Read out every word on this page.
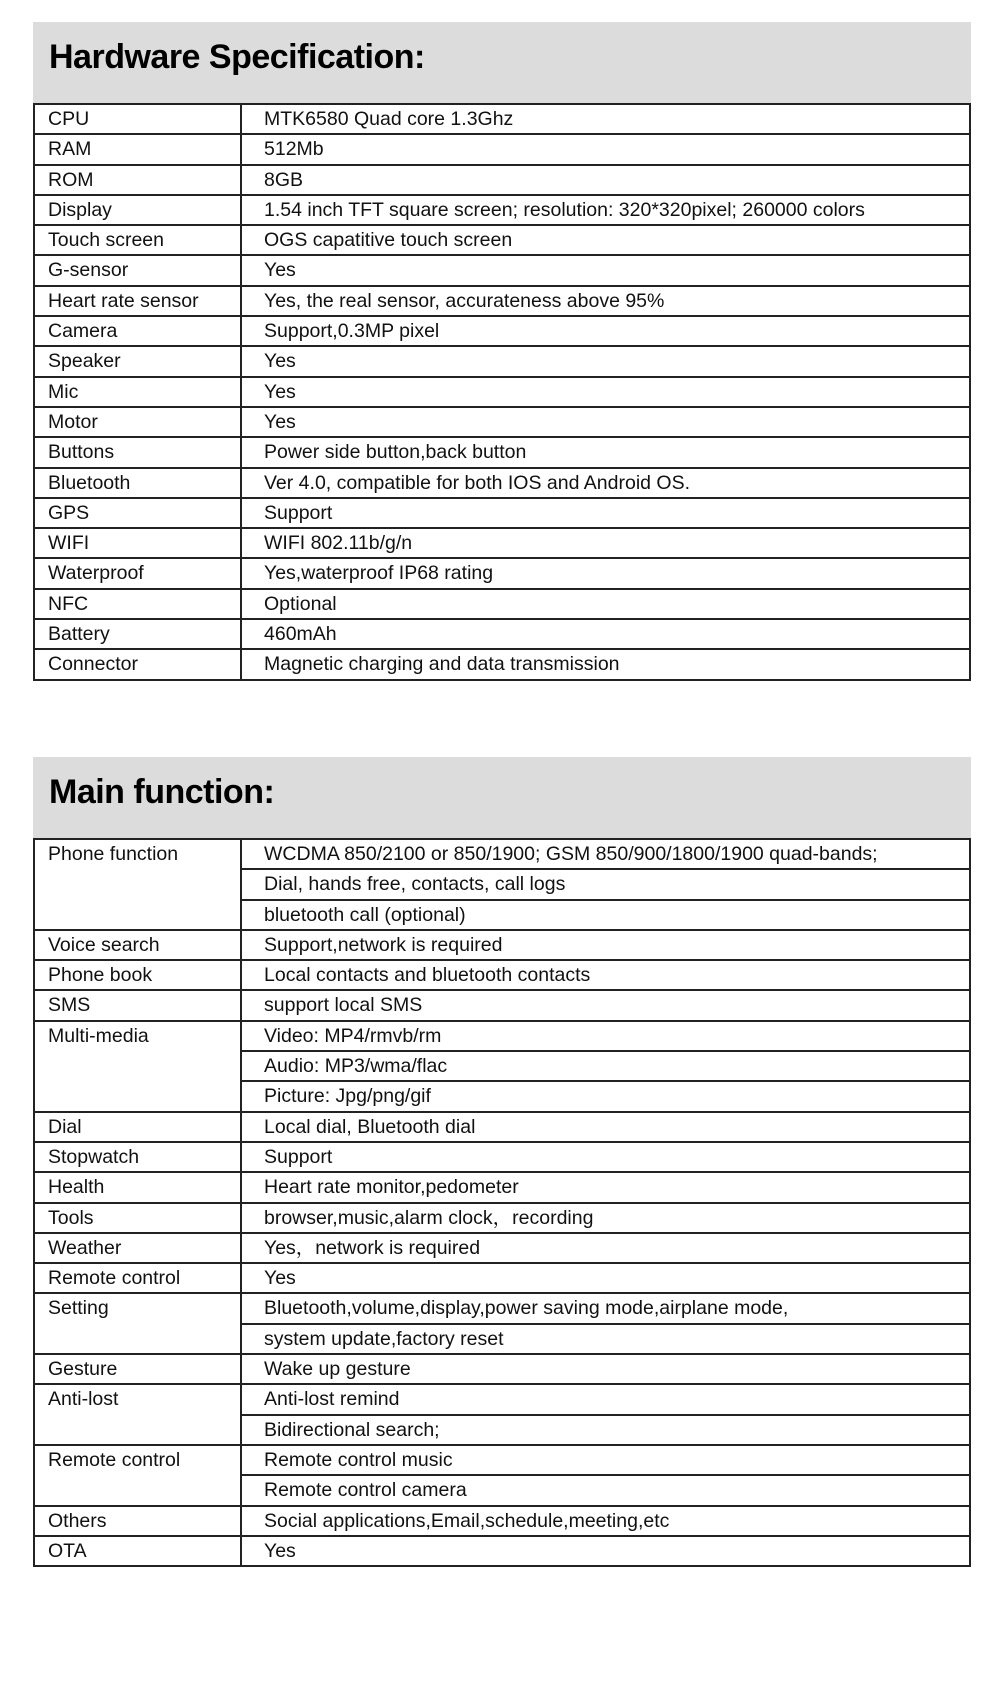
Hardware Specification:
CPU	MTK6580 Quad core 1.3Ghz
RAM	512Mb
ROM	8GB
Display	1.54 inch TFT square screen; resolution: 320*320pixel; 260000 colors
Touch screen	OGS capatitive touch screen
G-sensor	Yes
Heart rate sensor	Yes, the real sensor, accurateness above 95%
Camera	Support,0.3MP pixel
Speaker	Yes
Mic	Yes
Motor	Yes
Buttons	Power side button,back button
Bluetooth	Ver 4.0, compatible for both IOS and Android OS.
GPS	Support
WIFI	WIFI 802.11b/g/n
Waterproof	Yes,waterproof IP68 rating
NFC	Optional
Battery	460mAh
Connector	Magnetic charging and data transmission
Main function:
Phone function	WCDMA 850/2100 or 850/1900; GSM 850/900/1800/1900 quad-bands;
	Dial, hands free, contacts, call logs
	bluetooth call (optional)
Voice search	Support,network is required
Phone book	Local contacts and bluetooth contacts
SMS	support local SMS
Multi-media	Video: MP4/rmvb/rm
	Audio: MP3/wma/flac
	Picture: Jpg/png/gif
Dial	Local dial, Bluetooth dial
Stopwatch	Support
Health	Heart rate monitor,pedometer
Tools	browser,music,alarm clock，recording
Weather	Yes，network is required
Remote control	Yes
Setting	Bluetooth,volume,display,power saving mode,airplane mode,
	system update,factory reset
Gesture	Wake up gesture
Anti-lost	Anti-lost remind
	Bidirectional search;
Remote control	Remote control music
	Remote control camera
Others	Social applications,Email,schedule,meeting,etc
OTA	Yes
